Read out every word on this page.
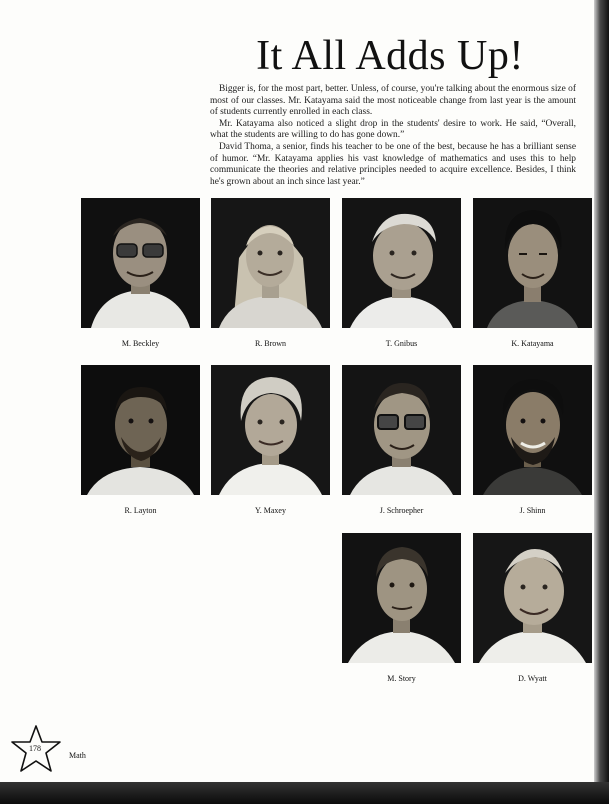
It All Adds Up!

Bigger is, for the most part, better. Unless, of course, you're talking about the enormous size of most of our classes. Mr. Katayama said the most noticeable change from last year is the amount of students currently enrolled in each class.

Mr. Katayama also noticed a slight drop in the students' desire to work. He said, “Overall, what the students are willing to do has gone down.”

David Thoma, a senior, finds his teacher to be one of the best, because he has a brilliant sense of humor. “Mr. Katayama applies his vast knowledge of mathematics and uses this to help communicate the theories and relative principles needed to acquire excellence. Besides, I think he's grown about an inch since last year.”

M. Beckley	R. Brown	T. Gnibus	K. Katayama
R. Layton	Y. Maxey	J. Schroepher	J. Shinn
M. Story	D. Wyatt
178
Math
